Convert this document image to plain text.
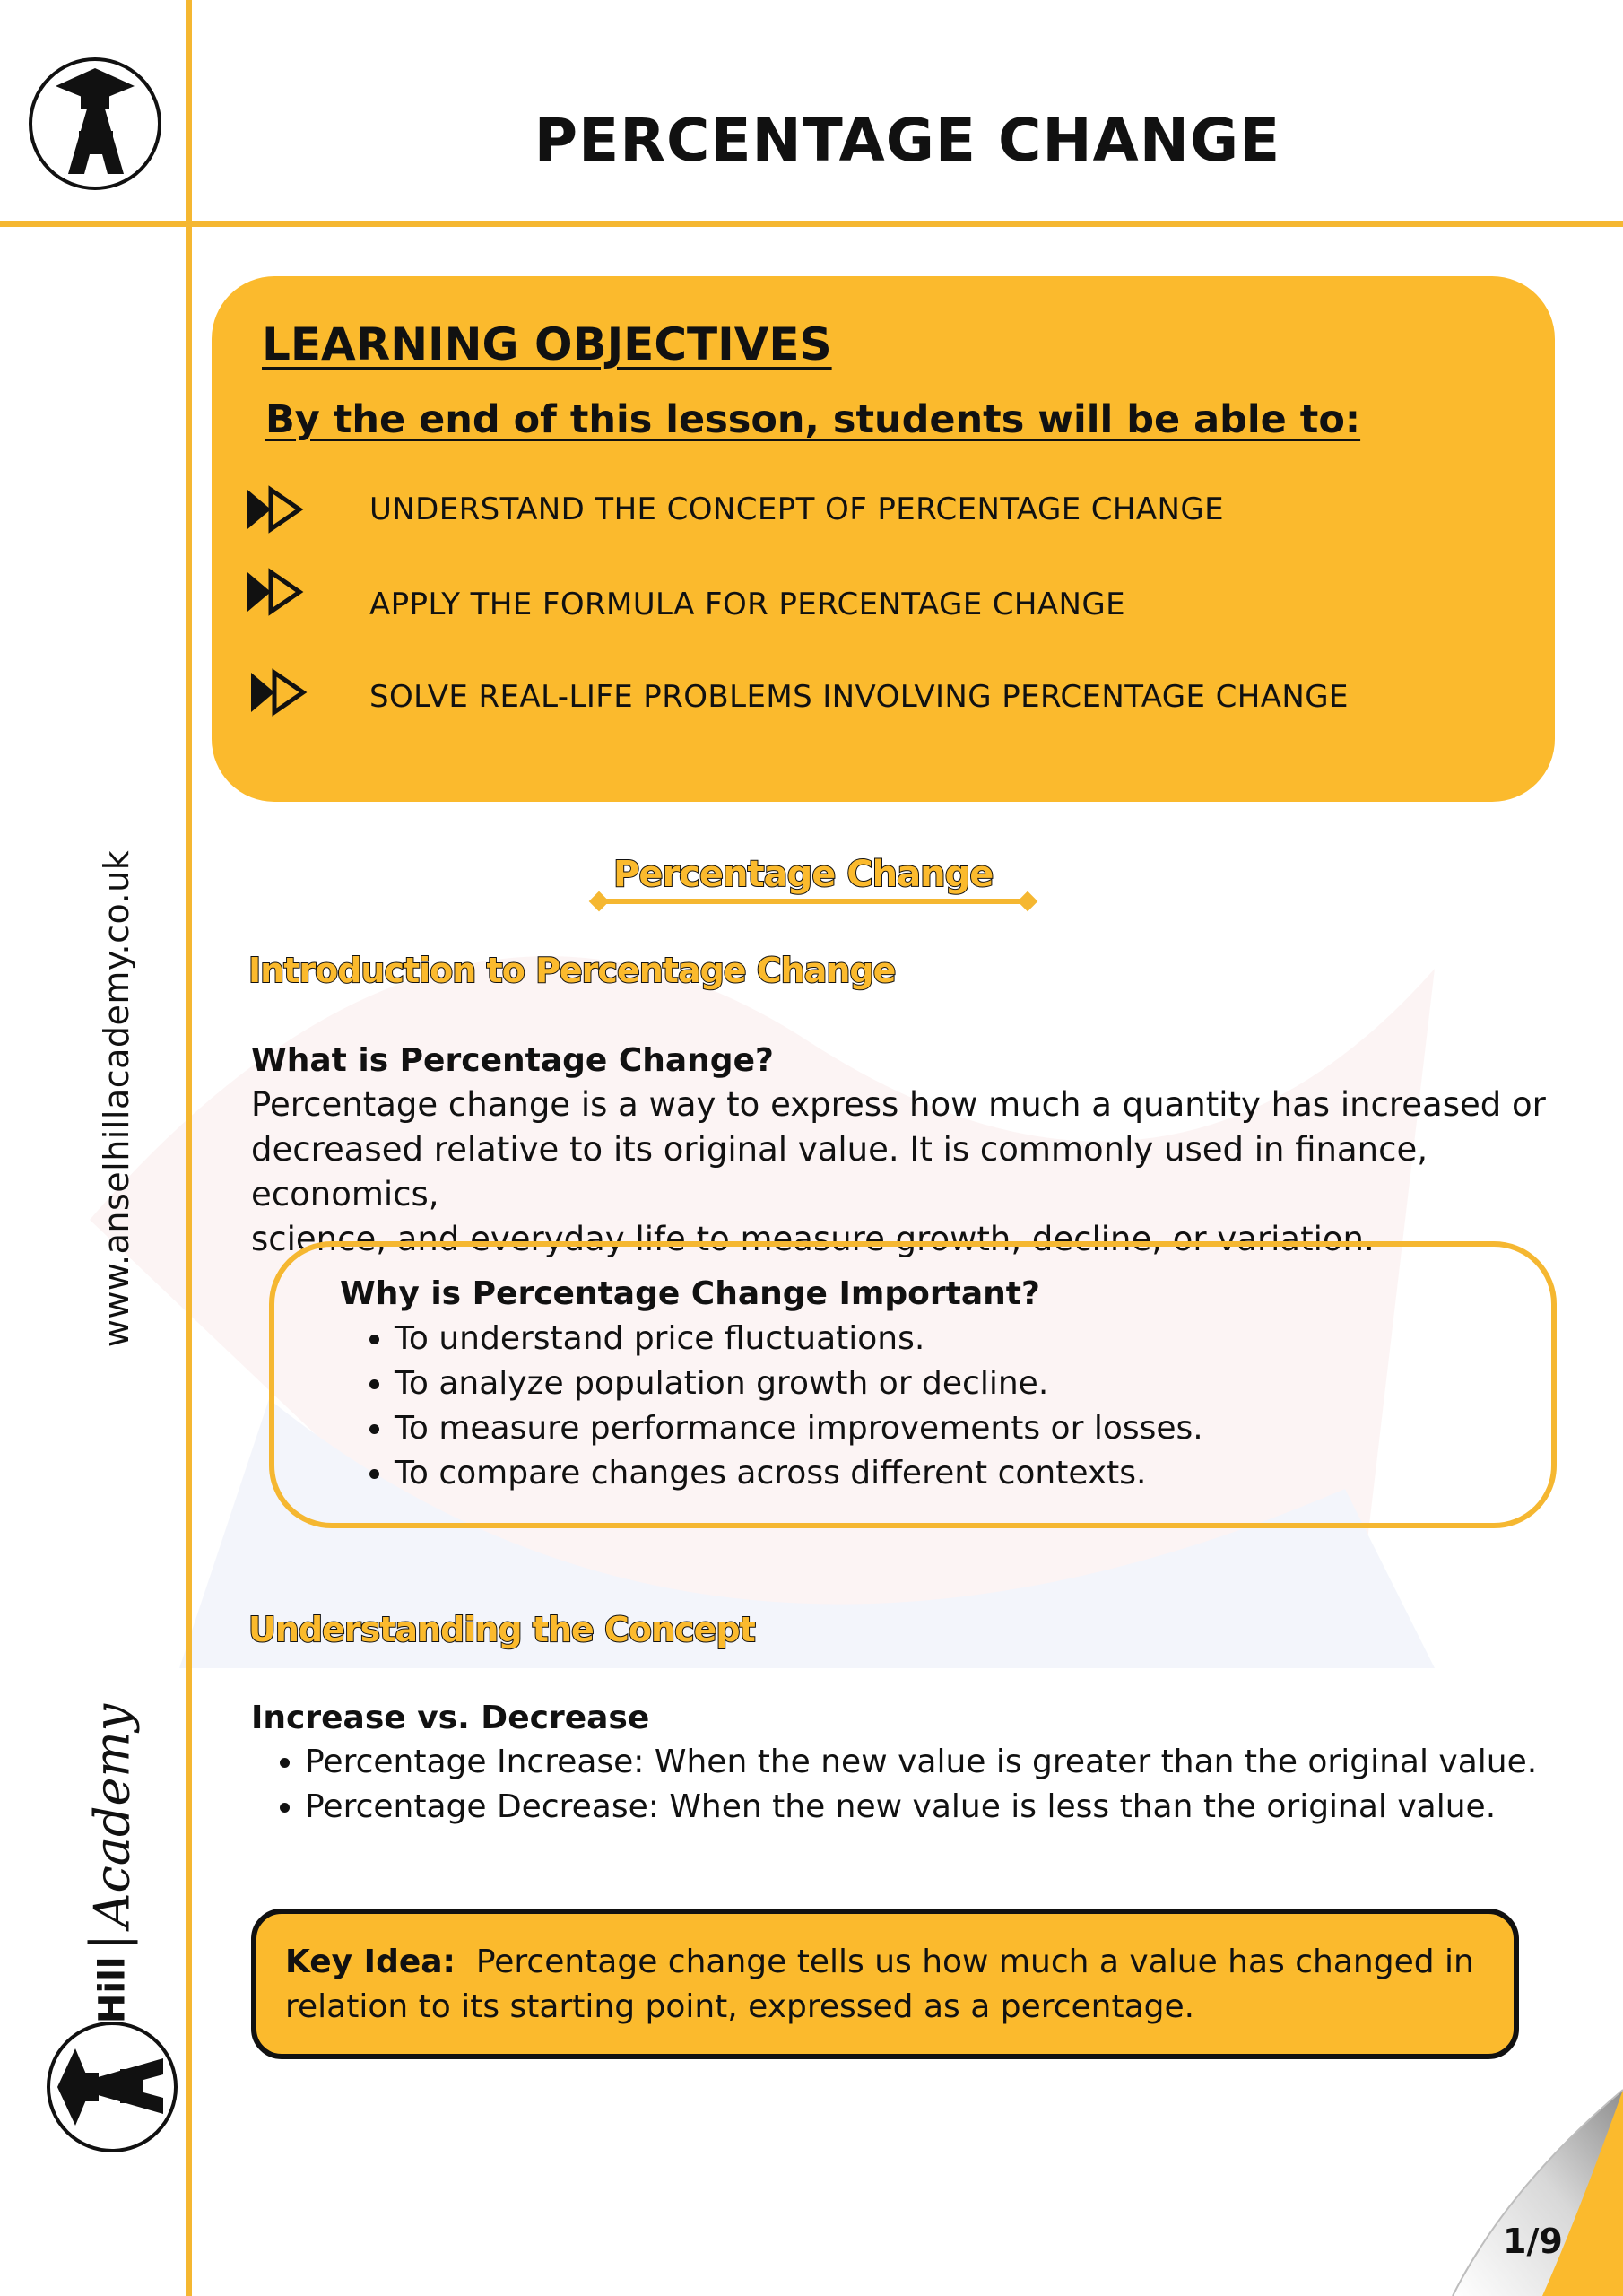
PERCENTAGE CHANGE
LEARNING OBJECTIVES
By the end of this lesson, students will be able to:
UNDERSTAND THE CONCEPT OF PERCENTAGE CHANGE
APPLY THE FORMULA FOR PERCENTAGE CHANGE
SOLVE REAL-LIFE PROBLEMS INVOLVING PERCENTAGE CHANGE
Percentage Change
Introduction to Percentage Change
What is Percentage Change?
Percentage change is a way to express how much a quantity has increased or
decreased relative to its original value. It is commonly used in finance, economics,
science, and everyday life to measure growth, decline, or variation.
Why is Percentage Change Important?
• To understand price fluctuations.
• To analyze population growth or decline.
• To measure performance improvements or losses.
• To compare changes across different contexts.
Understanding the Concept
Increase vs. Decrease
• Percentage Increase: When the new value is greater than the original value.
• Percentage Decrease: When the new value is less than the original value.
Key Idea: Percentage change tells us how much a value has changed in
relation to its starting point, expressed as a percentage.
www.anselhillacademy.co.uk
Academy
1/9
